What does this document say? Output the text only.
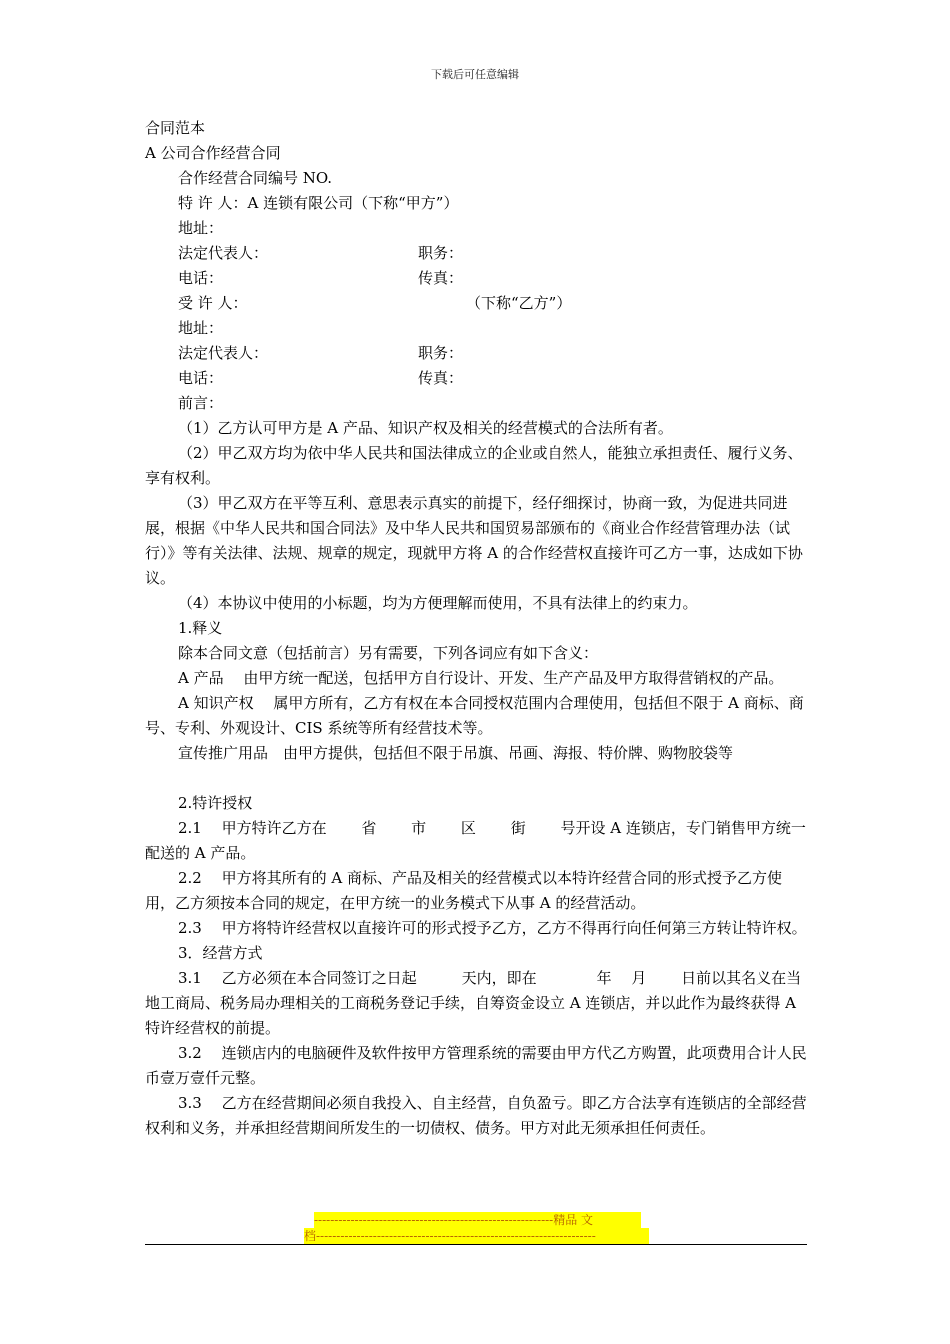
下载后可任意编辑

合同范本

A 公司合作经营合同

合作经营合同编号 NO.

特 许 人：A 连锁有限公司（下称“甲方”）

地址：

法定代表人：	职务：
电话：	传真：
受 许 人：	（下称“乙方”）

地址：

法定代表人：	职务：
电话：	传真：

前言：

（1）乙方认可甲方是 A 产品、知识产权及相关的经营模式的合法所有者。

（2）甲乙双方均为依中华人民共和国法律成立的企业或自然人，能独立承担责任、履行义务、享有权利。

（3）甲乙双方在平等互利、意思表示真实的前提下，经仔细探讨，协商一致，为促进共同进展，根据《中华人民共和国合同法》及中华人民共和国贸易部颁布的《商业合作经营管理办法（试行）》等有关法律、法规、规章的规定，现就甲方将 A 的合作经营权直接许可乙方一事，达成如下协议。

（4）本协议中使用的小标题，均为方便理解而使用，不具有法律上的约束力。

1.释义

除本合同文意（包括前言）另有需要，下列各词应有如下含义：

A 产品　 由甲方统一配送，包括甲方自行设计、开发、生产产品及甲方取得营销权的产品。

A 知识产权　 属甲方所有，乙方有权在本合同授权范围内合理使用，包括但不限于 A 商标、商号、专利、外观设计、CIS 系统等所有经营技术等。

宣传推广用品　由甲方提供，包括但不限于吊旗、吊画、海报、特价牌、购物胶袋等

2.特许授权

2.1　 甲方特许乙方在　　 省　　 市　　 区　　 街　　 号开设 A 连锁店，专门销售甲方统一配送的 A 产品。

2.2　 甲方将其所有的 A 商标、产品及相关的经营模式以本特许经营合同的形式授予乙方使用，乙方须按本合同的规定，在甲方统一的业务模式下从事 A 的经营活动。

2.3　 甲方将特许经营权以直接许可的形式授予乙方，乙方不得再行向任何第三方转让特许权。

3．经营方式

3.1　 乙方必须在本合同签订之日起　　　天内，即在　　　　年　 月　　 日前以其名义在当地工商局、税务局办理相关的工商税务登记手续，自筹资金设立 A 连锁店，并以此作为最终获得 A 特许经营权的前提。

3.2　 连锁店内的电脑硬件及软件按甲方管理系统的需要由甲方代乙方购置，此项费用合计人民币壹万壹仟元整。

3.3　 乙方在经营期间必须自我投入、自主经营，自负盈亏。即乙方合法享有连锁店的全部经营权利和义务，并承担经营期间所发生的一切债权、债务。甲方对此无须承担任何责任。

-----------------------------------------------------------精品 文
档---------------------------------------------------------------------
